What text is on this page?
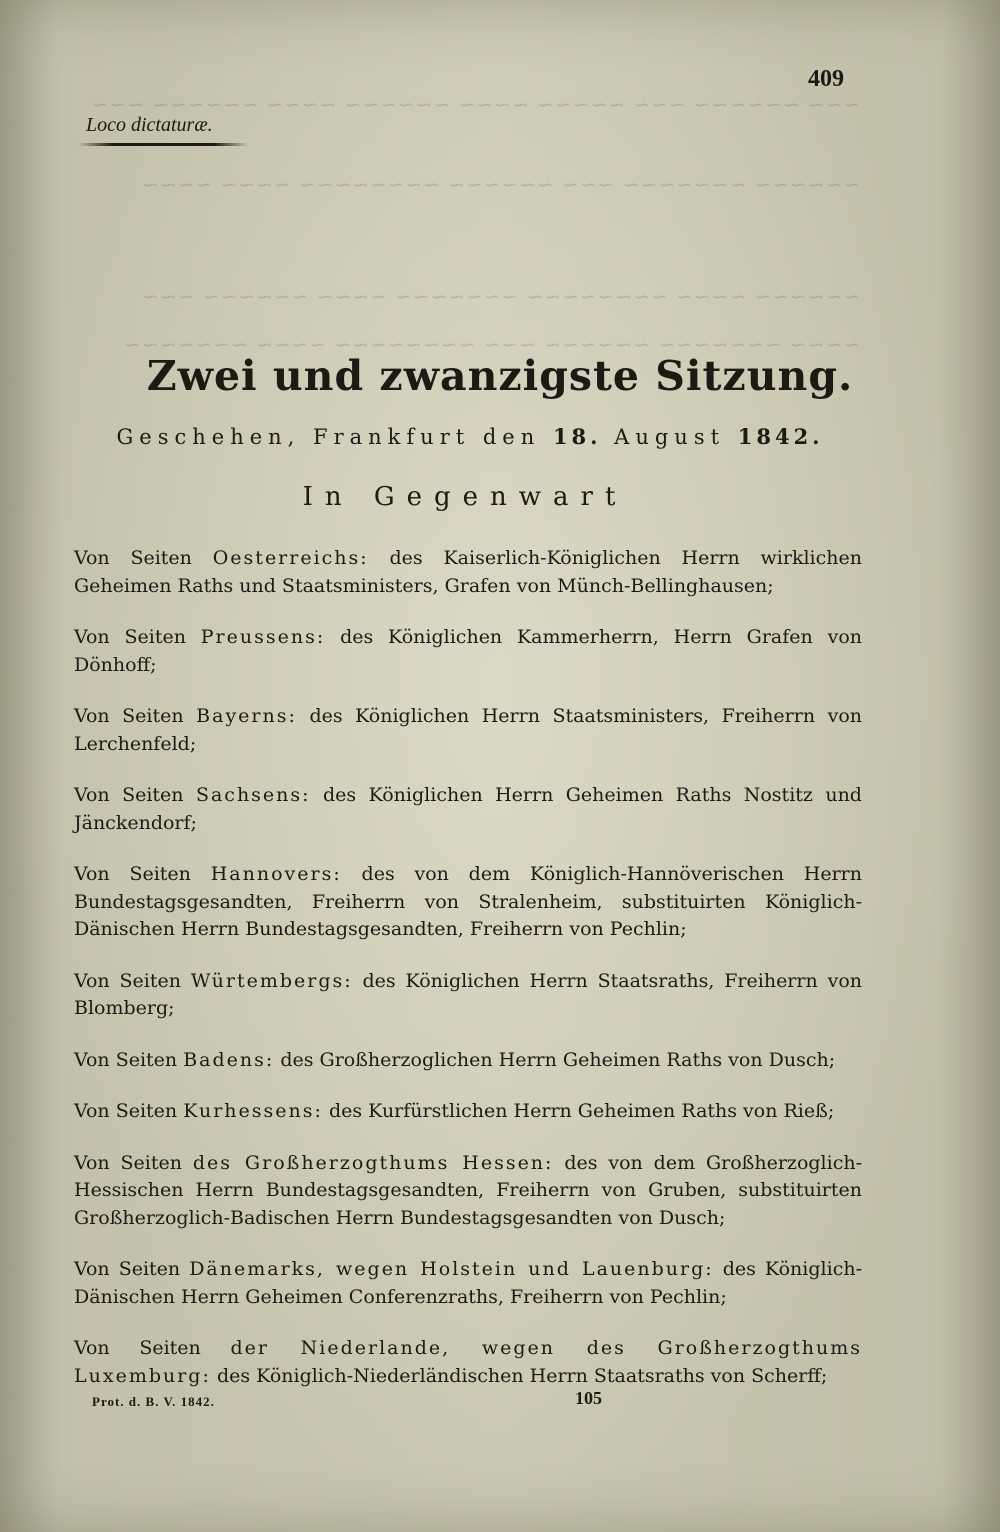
~~~ ~~~~~~ ~~~ ~~~~~ ~~~~ ~~~~~~ ~~~~ ~~~~~~ ~~~
~~~~~~ ~~~~~~~ ~~~ ~~~~~~ ~~~~~~~~ ~~~~ ~~~~
~~~~~~ ~~~~ ~~~~~~~~ ~~~~~~~ ~~~~ ~~~~~~ ~~~
~~~~ ~~~~~~~ ~~~~~~ ~~~ ~~~~~~~~ ~~~~ ~~~~~~~
409
Loco dictaturæ.
Zwei und zwanzigste Sitzung.
Geschehen, Frankfurt den 18. August 1842.
In Gegenwart

Von Seiten Oesterreichs: des Kaiserlich-Königlichen Herrn wirklichen Geheimen Raths und Staatsministers, Grafen von Münch-Bellinghausen;

Von Seiten Preussens: des Königlichen Kammerherrn, Herrn Grafen von Dönhoff;

Von Seiten Bayerns: des Königlichen Herrn Staatsministers, Freiherrn von Lerchenfeld;

Von Seiten Sachsens: des Königlichen Herrn Geheimen Raths Nostitz und Jänckendorf;

Von Seiten Hannovers: des von dem Königlich-Hannöverischen Herrn Bundestagsgesandten, Freiherrn von Stralenheim, substituirten Königlich-Dänischen Herrn Bundestagsgesandten, Freiherrn von Pechlin;

Von Seiten Würtembergs: des Königlichen Herrn Staatsraths, Freiherrn von Blomberg;

Von Seiten Badens: des Großherzoglichen Herrn Geheimen Raths von Dusch;

Von Seiten Kurhessens: des Kurfürstlichen Herrn Geheimen Raths von Rieß;

Von Seiten des Großherzogthums Hessen: des von dem Großherzoglich-Hessischen Herrn Bundestagsgesandten, Freiherrn von Gruben, substituirten Großherzoglich-Badischen Herrn Bundestagsgesandten von Dusch;

Von Seiten Dänemarks, wegen Holstein und Lauenburg: des Königlich-Dänischen Herrn Geheimen Conferenzraths, Freiherrn von Pechlin;

Von Seiten der Niederlande, wegen des Großherzogthums Luxemburg: des Königlich-Niederländischen Herrn Staatsraths von Scherff;

Prot. d. B. V. 1842.	105
